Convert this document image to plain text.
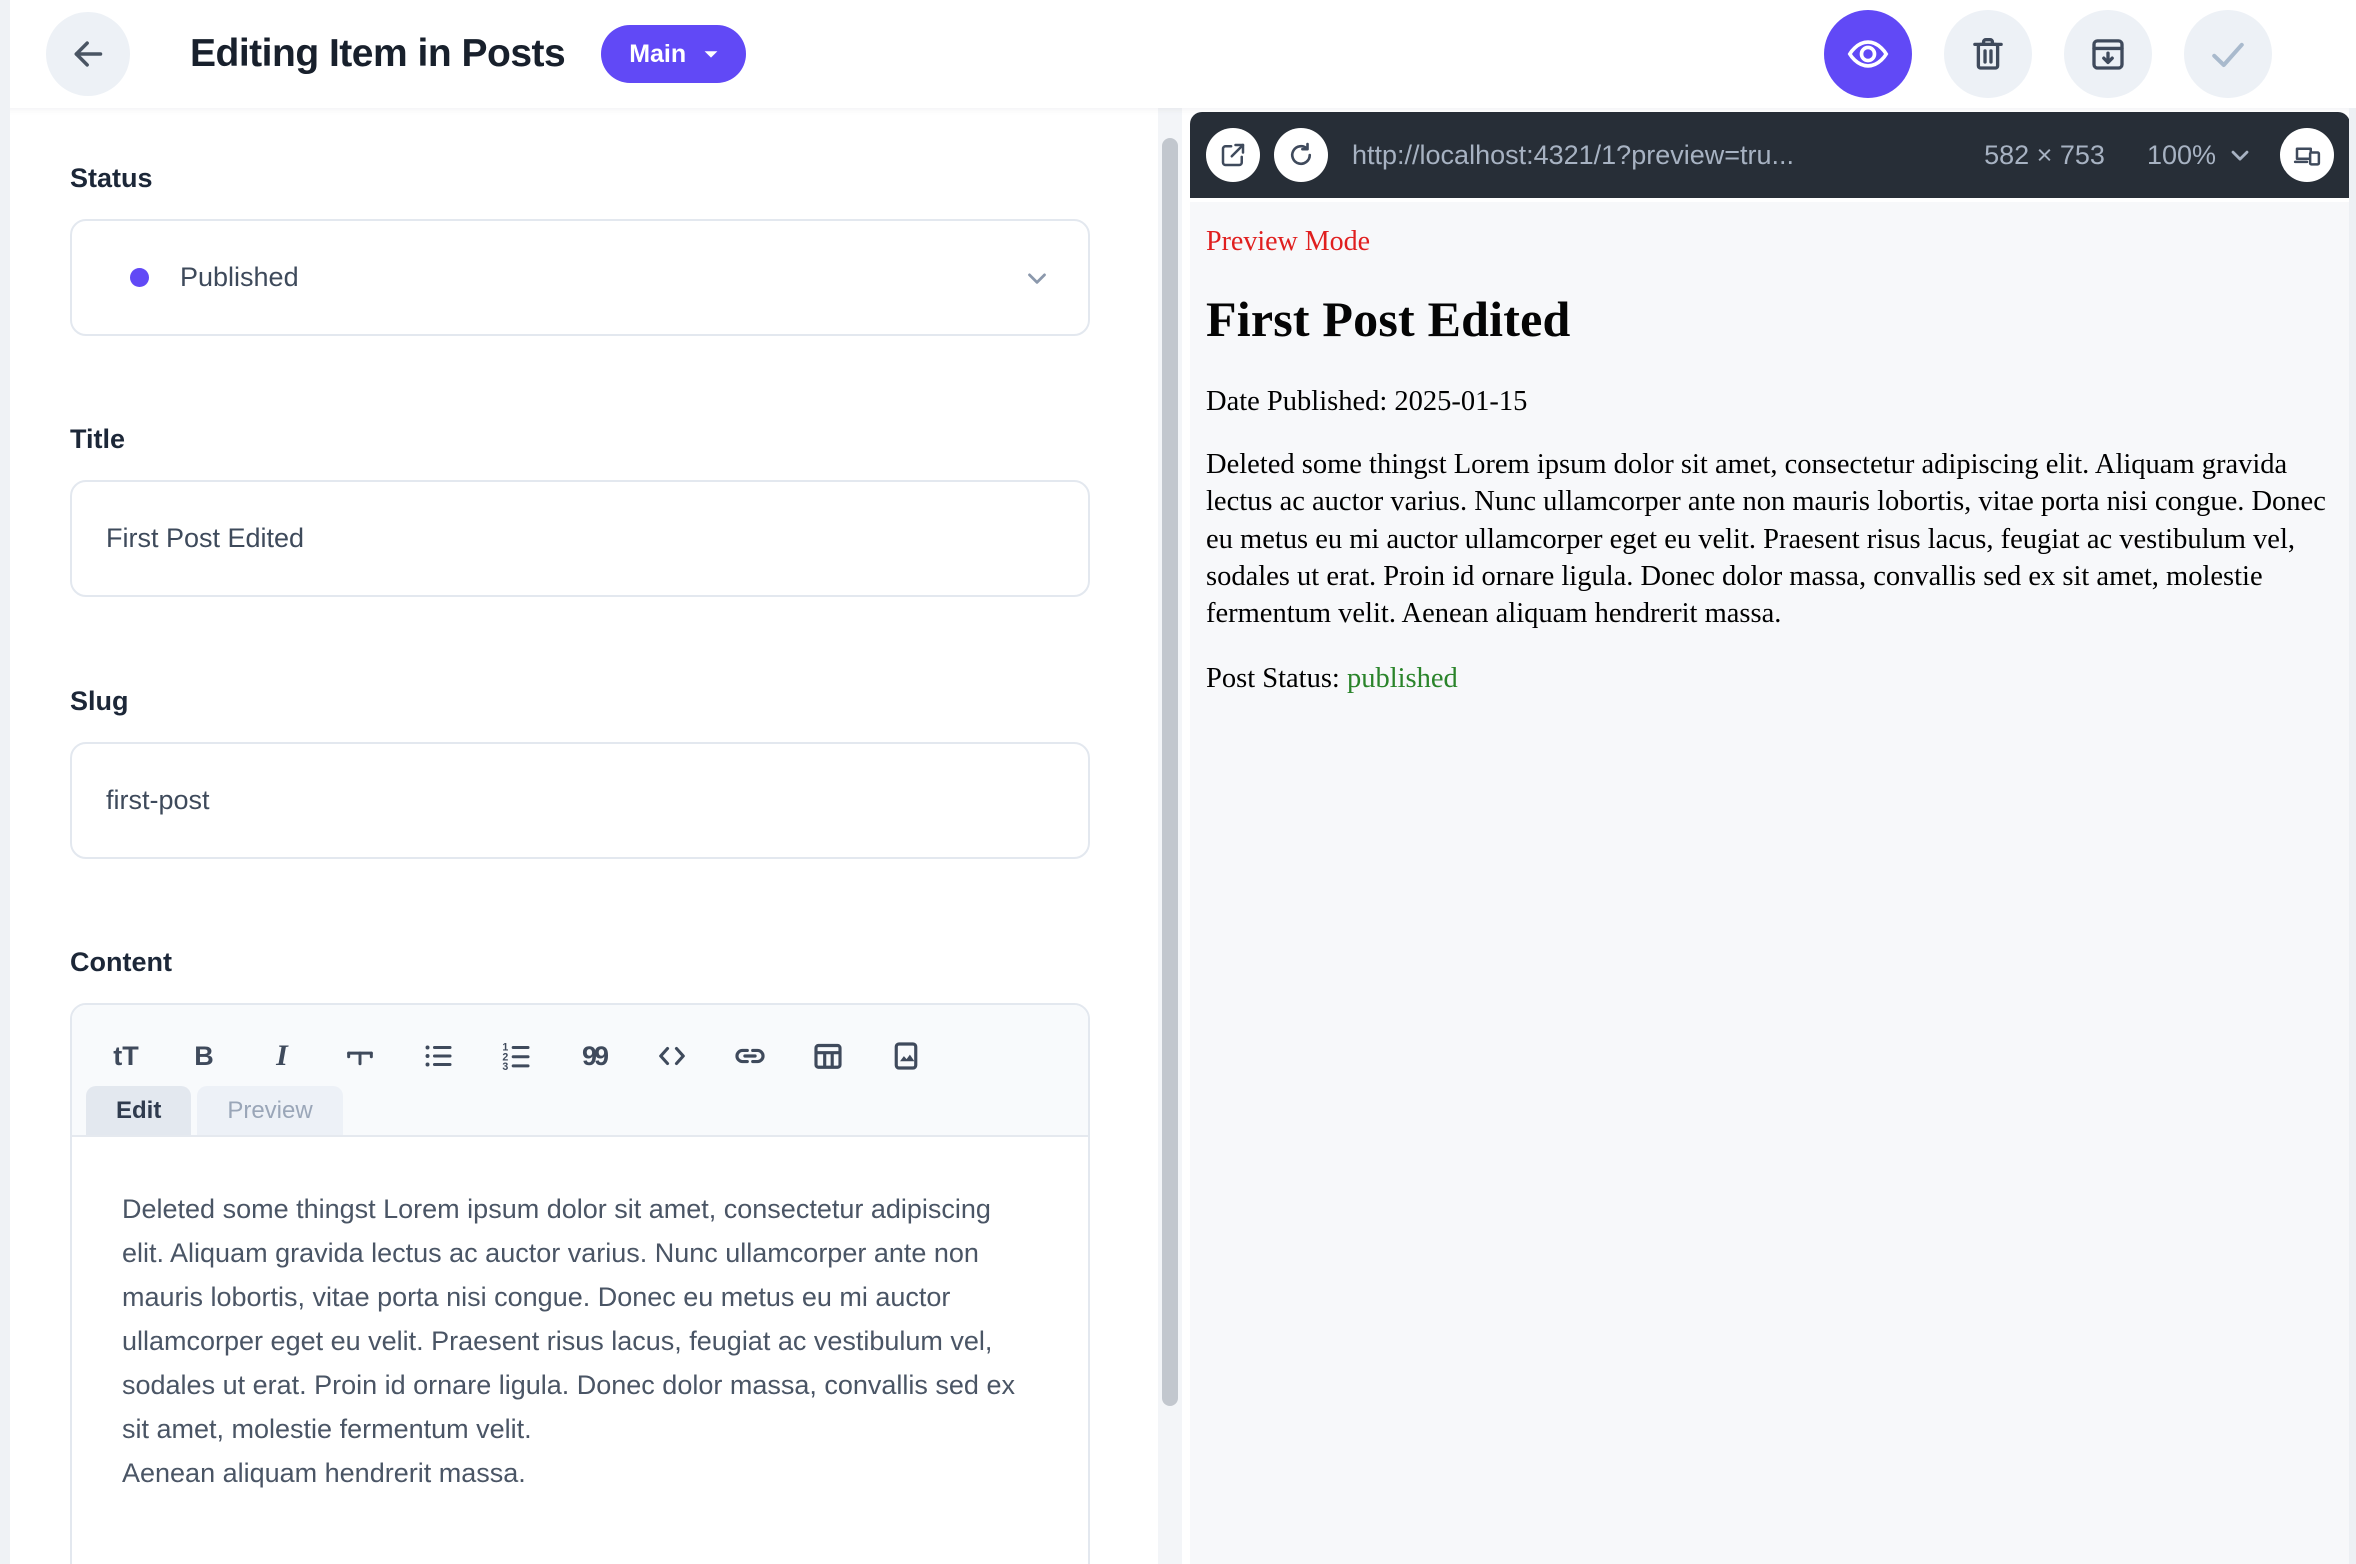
Editing Item in Posts	Main
Status
Published
Title
First Post Edited
Slug
first-post
Content
tT B I	1
2
3	99
Edit	Preview

Deleted some thingst Lorem ipsum dolor sit amet, consectetur adipiscing elit. Aliquam gravida lectus ac auctor varius. Nunc ullamcorper ante non mauris lobortis, vitae porta nisi congue. Donec eu metus eu mi auctor ullamcorper eget eu velit. Praesent risus lacus, feugiat ac vestibulum vel, sodales ut erat. Proin id ornare ligula. Donec dolor massa, convallis sed ex sit amet, molestie fermentum velit.

Aenean aliquam hendrerit massa.

http://localhost:4321/1?preview=tru...	582 × 753 100%
Preview Mode
First Post Edited
Date Published: 2025-01-15
Deleted some thingst Lorem ipsum dolor sit amet, consectetur adipiscing elit. Aliquam gravida lectus ac auctor varius. Nunc ullamcorper ante non mauris lobortis, vitae porta nisi congue. Donec eu metus eu mi auctor ullamcorper eget eu velit. Praesent risus lacus, feugiat ac vestibulum vel, sodales ut erat. Proin id ornare ligula. Donec dolor massa, convallis sed ex sit amet, molestie fermentum velit. Aenean aliquam hendrerit massa.
Post Status: published
